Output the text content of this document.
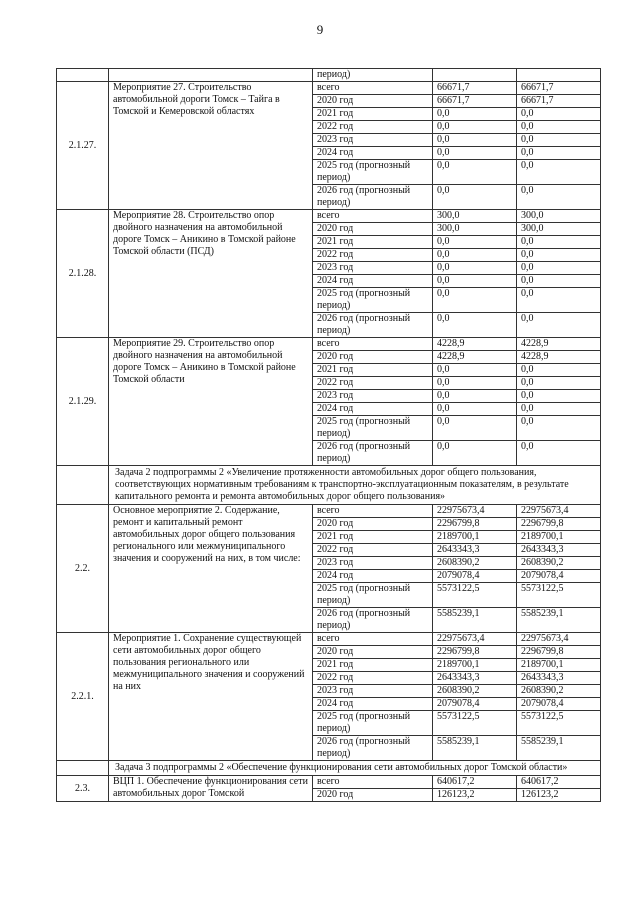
9
		период)		
2.1.27.	Мероприятие 27. Строительство автомобильной дороги Томск – Тайга в Томской и Кемеровской областях	всего	66671,7	66671,7
		2020 год	66671,7	66671,7
		2021 год	0,0	0,0
		2022 год	0,0	0,0
		2023 год	0,0	0,0
		2024 год	0,0	0,0
		2025 год (прогнозный период)	0,0	0,0
		2026 год (прогнозный период)	0,0	0,0
2.1.28.	Мероприятие 28. Строительство опор двойного назначения на автомобильной дороге Томск – Аникино в Томской районе Томской области (ПСД)	всего	300,0	300,0
		2020 год	300,0	300,0
		2021 год	0,0	0,0
		2022 год	0,0	0,0
		2023 год	0,0	0,0
		2024 год	0,0	0,0
		2025 год (прогнозный период)	0,0	0,0
		2026 год (прогнозный период)	0,0	0,0
2.1.29.	Мероприятие 29. Строительство опор двойного назначения на автомобильной дороге Томск – Аникино в Томской районе Томской области	всего	4228,9	4228,9
		2020 год	4228,9	4228,9
		2021 год	0,0	0,0
		2022 год	0,0	0,0
		2023 год	0,0	0,0
		2024 год	0,0	0,0
		2025 год (прогнозный период)	0,0	0,0
		2026 год (прогнозный период)	0,0	0,0
	Задача 2 подпрограммы 2 «Увеличение протяженности автомобильных дорог общего пользования, соответствующих нормативным требованиям к транспортно-эксплуатационным показателям, в результате капитального ремонта и ремонта автомобильных дорог общего пользования»			
2.2.	Основное мероприятие 2. Содержание, ремонт и капитальный ремонт автомобильных дорог общего пользования регионального или межмуниципального значения и сооружений на них, в том числе:	всего	22975673,4	22975673,4
		2020 год	2296799,8	2296799,8
		2021 год	2189700,1	2189700,1
		2022 год	2643343,3	2643343,3
		2023 год	2608390,2	2608390,2
		2024 год	2079078,4	2079078,4
		2025 год (прогнозный период)	5573122,5	5573122,5
		2026 год (прогнозный период)	5585239,1	5585239,1
2.2.1.	Мероприятие 1. Сохранение существующей сети автомобильных дорог общего пользования регионального или межмуниципального значения и сооружений на них	всего	22975673,4	22975673,4
		2020 год	2296799,8	2296799,8
		2021 год	2189700,1	2189700,1
		2022 год	2643343,3	2643343,3
		2023 год	2608390,2	2608390,2
		2024 год	2079078,4	2079078,4
		2025 год (прогнозный период)	5573122,5	5573122,5
		2026 год (прогнозный период)	5585239,1	5585239,1
	Задача 3 подпрограммы 2 «Обеспечение функционирования сети автомобильных дорог Томской области»			
2.3.	ВЦП 1. Обеспечение функционирования сети автомобильных дорог Томской	всего	640617,2	640617,2
		2020 год	126123,2	126123,2
